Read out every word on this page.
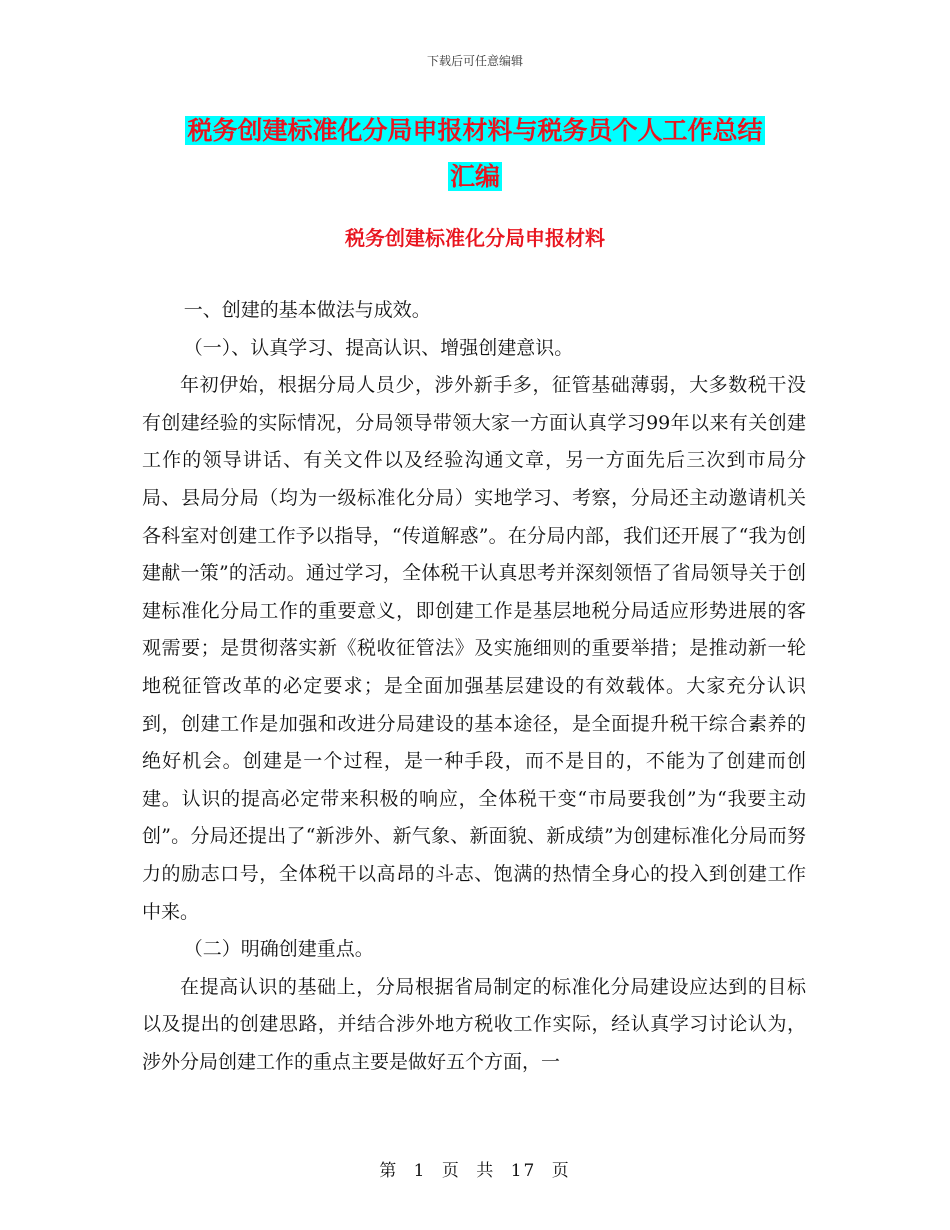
下载后可任意编辑
税务创建标准化分局申报材料与税务员个人工作总结
汇编
税务创建标准化分局申报材料

一、创建的基本做法与成效。

（一）、认真学习、提高认识、增强创建意识。

年初伊始，根据分局人员少，涉外新手多，征管基础薄弱，大多数税干没有创建经验的实际情况，分局领导带领大家一方面认真学习99年以来有关创建工作的领导讲话、有关文件以及经验沟通文章，另一方面先后三次到市局分局、县局分局（均为一级标准化分局）实地学习、考察，分局还主动邀请机关各科室对创建工作予以指导，“传道解惑”。在分局内部，我们还开展了“我为创建献一策”的活动。通过学习，全体税干认真思考并深刻领悟了省局领导关于创建标准化分局工作的重要意义，即创建工作是基层地税分局适应形势进展的客观需要；是贯彻落实新《税收征管法》及实施细则的重要举措；是推动新一轮地税征管改革的必定要求；是全面加强基层建设的有效载体。大家充分认识到，创建工作是加强和改进分局建设的基本途径，是全面提升税干综合素养的绝好机会。创建是一个过程，是一种手段，而不是目的，不能为了创建而创建。认识的提高必定带来积极的响应，全体税干变“市局要我创”为“我要主动创”。分局还提出了“新涉外、新气象、新面貌、新成绩”为创建标准化分局而努力的励志口号，全体税干以高昂的斗志、饱满的热情全身心的投入到创建工作中来。

（二）明确创建重点。

在提高认识的基础上，分局根据省局制定的标准化分局建设应达到的目标以及提出的创建思路，并结合涉外地方税收工作实际，经认真学习讨论认为，涉外分局创建工作的重点主要是做好五个方面，一

第 1 页 共 17 页
